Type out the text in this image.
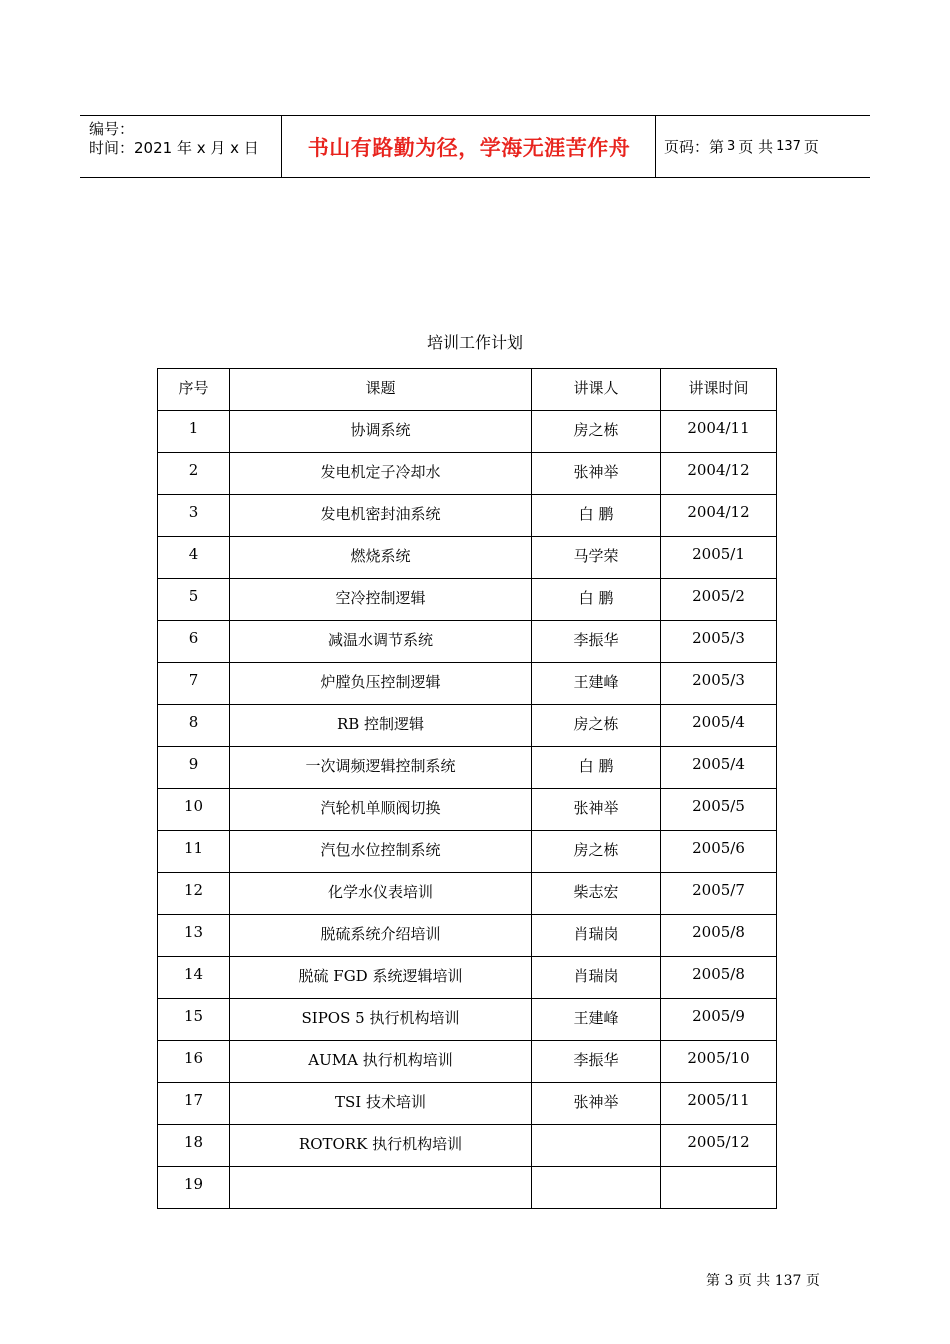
编号：
时间：2021 年 x 月 x 日	书山有路勤为径，学海无涯苦作舟	页码：第 3 页 共 137 页
培训工作计划
序号	课题	讲课人	讲课时间
1	协调系统	房之栋	2004/11
2	发电机定子冷却水	张神举	2004/12
3	发电机密封油系统	白 鹏	2004/12
4	燃烧系统	马学荣	2005/1
5	空冷控制逻辑	白 鹏	2005/2
6	减温水调节系统	李振华	2005/3
7	炉膛负压控制逻辑	王建峰	2005/3
8	RB 控制逻辑	房之栋	2005/4
9	一次调频逻辑控制系统	白 鹏	2005/4
10	汽轮机单顺阀切换	张神举	2005/5
11	汽包水位控制系统	房之栋	2005/6
12	化学水仪表培训	柴志宏	2005/7
13	脱硫系统介绍培训	肖瑞岗	2005/8
14	脱硫 FGD 系统逻辑培训	肖瑞岗	2005/8
15	SIPOS 5 执行机构培训	王建峰	2005/9
16	AUMA 执行机构培训	李振华	2005/10
17	TSI 技术培训	张神举	2005/11
18	ROTORK 执行机构培训		2005/12
19			
第 3 页 共 137 页
